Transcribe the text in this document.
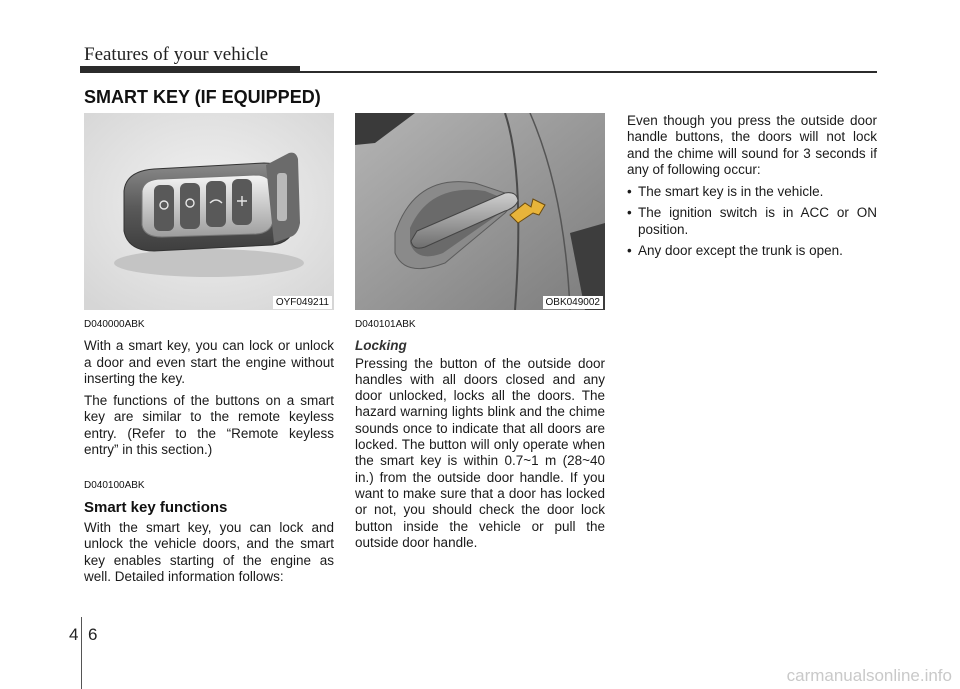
Features of your vehicle
SMART KEY (IF EQUIPPED)
OYF049211	OBK049002
D040000ABK

With a smart key, you can lock or unlock a door and even start the engine without inserting the key.

The functions of the buttons on a smart key are similar to the remote keyless entry. (Refer to the “Remote keyless entry” in this section.)

D040100ABK
Smart key functions

With the smart key, you can lock and unlock the vehicle doors, and the smart key enables starting of the engine as well. Detailed information follows:

D040101ABK
Locking

Pressing the button of the outside door handles with all doors closed and any door unlocked, locks all the doors. The hazard warning lights blink and the chime sounds once to indicate that all doors are locked. The button will only operate when the smart key is within 0.7~1 m (28~40 in.) from the outside door handle. If you want to make sure that a door has locked or not, you should check the door lock button inside the vehicle or pull the outside door handle.

Even though you press the outside door handle buttons, the doors will not lock and the chime will sound for 3 seconds if any of following occur:

• The smart key is in the vehicle.
• The ignition switch is in ACC or ON position.
• Any door except the trunk is open.
4 6
carmanualsonline.info
